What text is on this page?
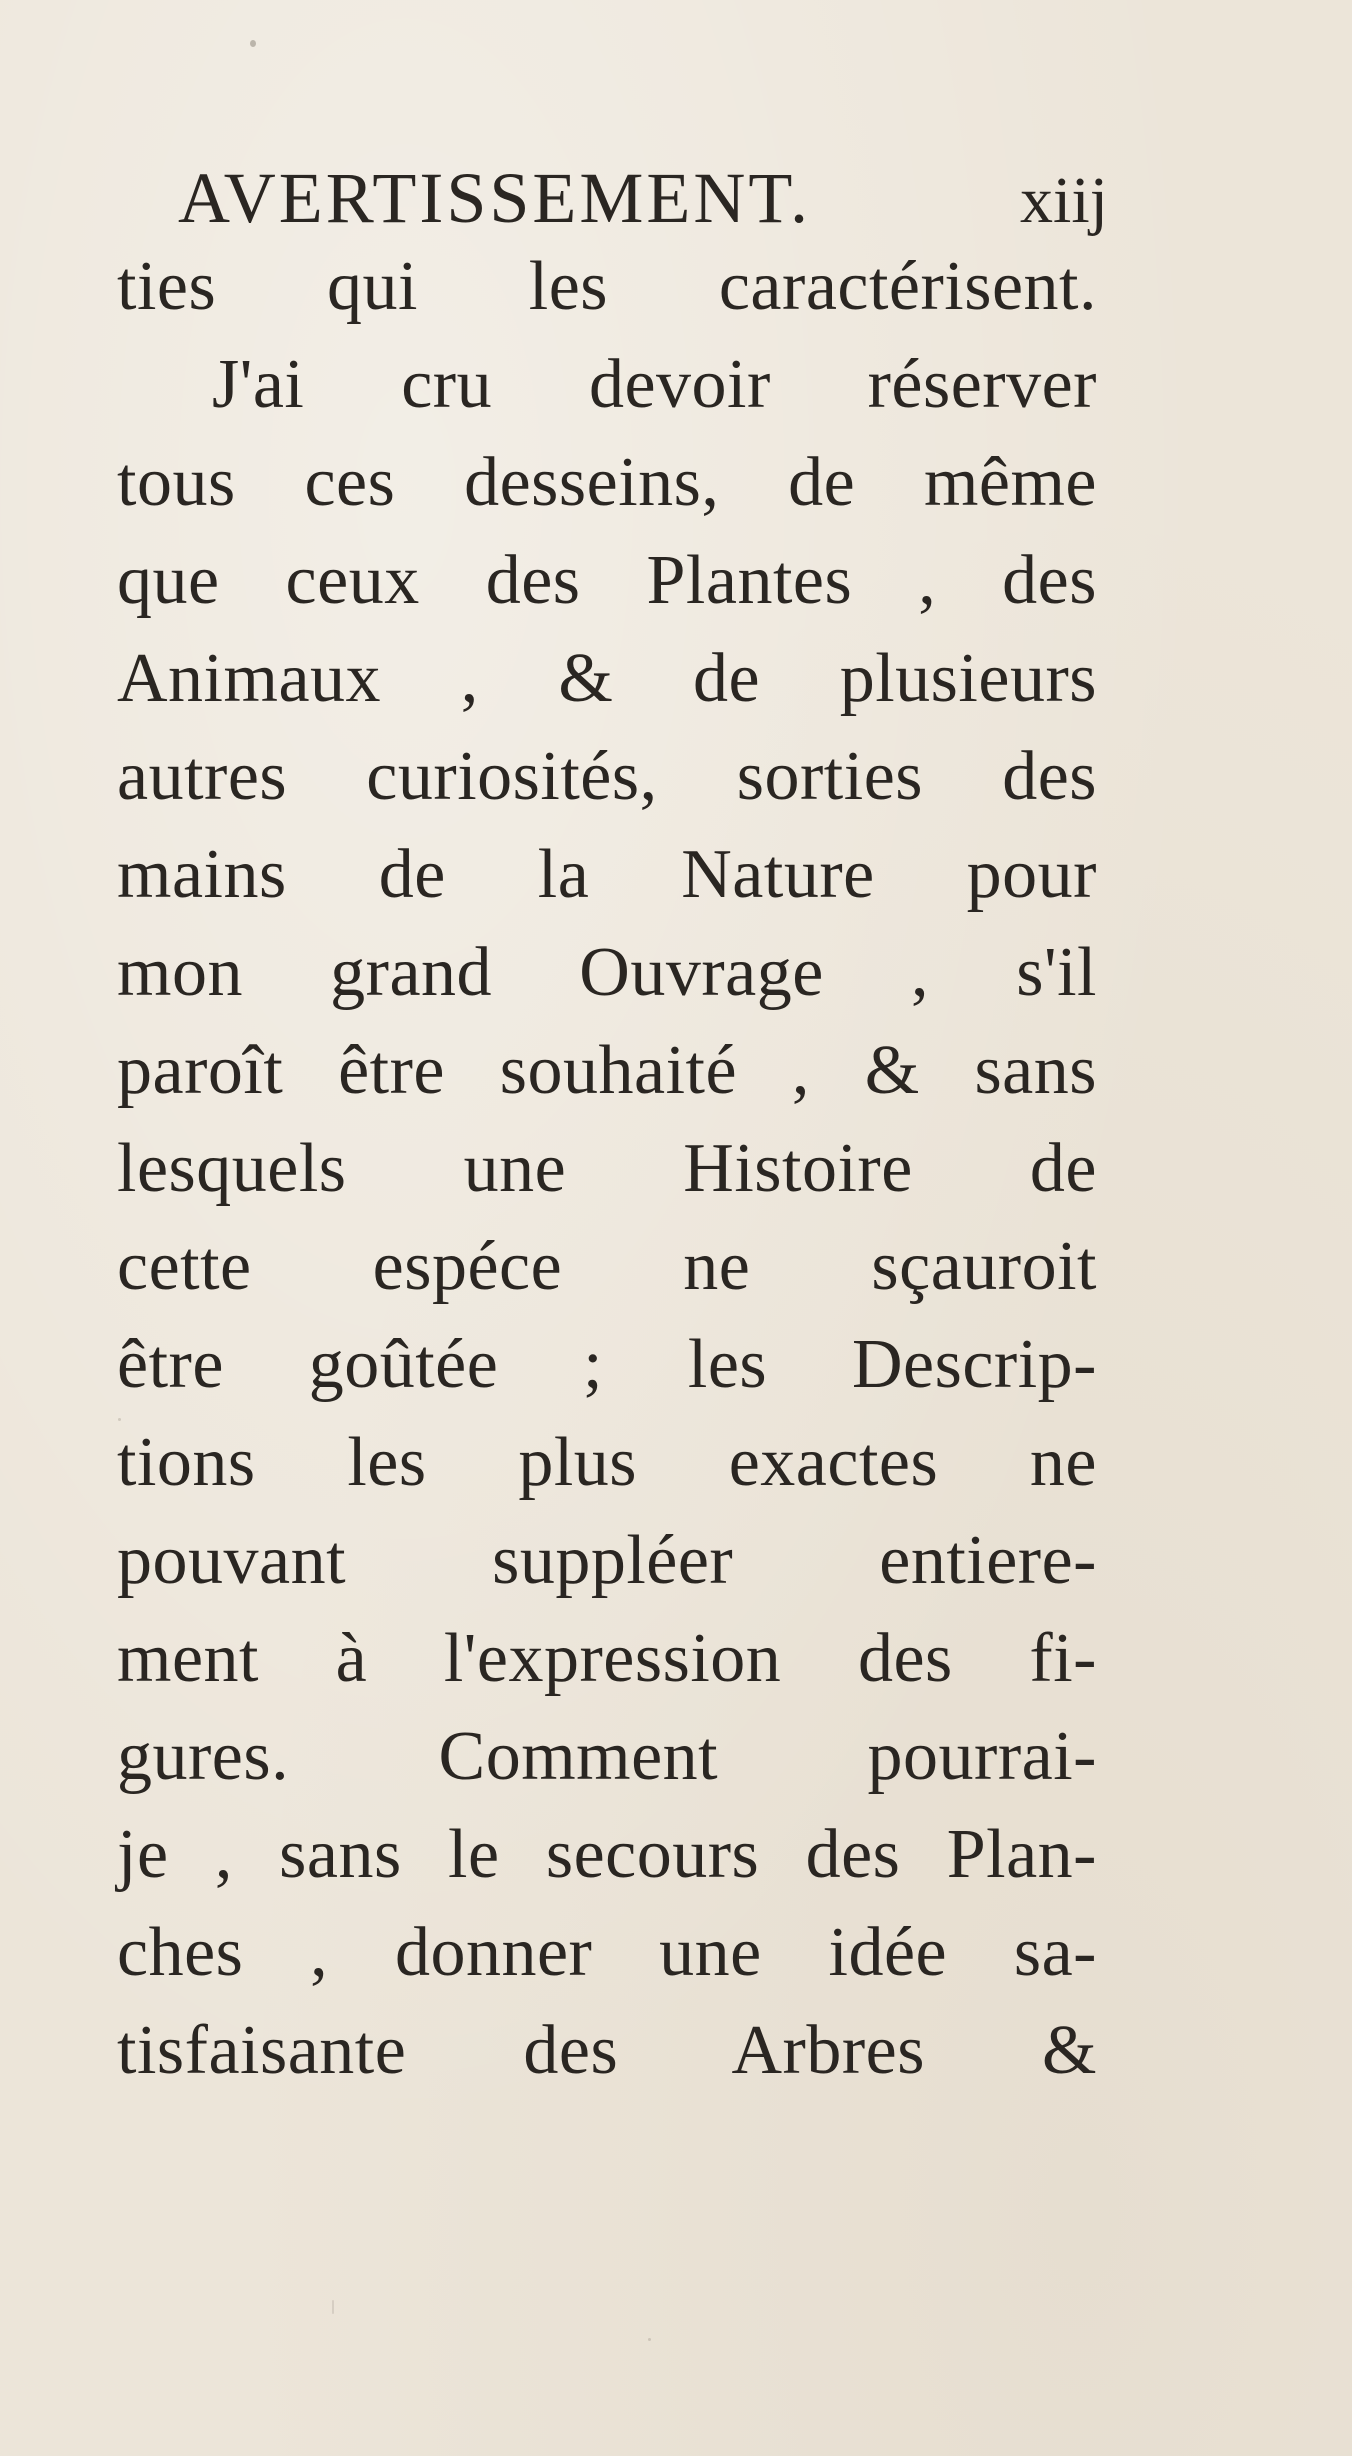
AVERTISSEMENT.	xiij
ties qui les caractérisent.
J'ai cru devoir réserver
tous ces desseins, de même
que ceux des Plantes , des
Animaux , & de plusieurs
autres curiosités, sorties des
mains de la Nature pour
mon grand Ouvrage , s'il
paroît être souhaité , & sans
lesquels une Histoire de
cette espéce ne sçauroit
être goûtée ; les Descrip-
tions les plus exactes ne
pouvant suppléer entiere-
ment à l'expression des fi-
gures. Comment pourrai-
je , sans le secours des Plan-
ches , donner une idée sa-
tisfaisante des Arbres &
